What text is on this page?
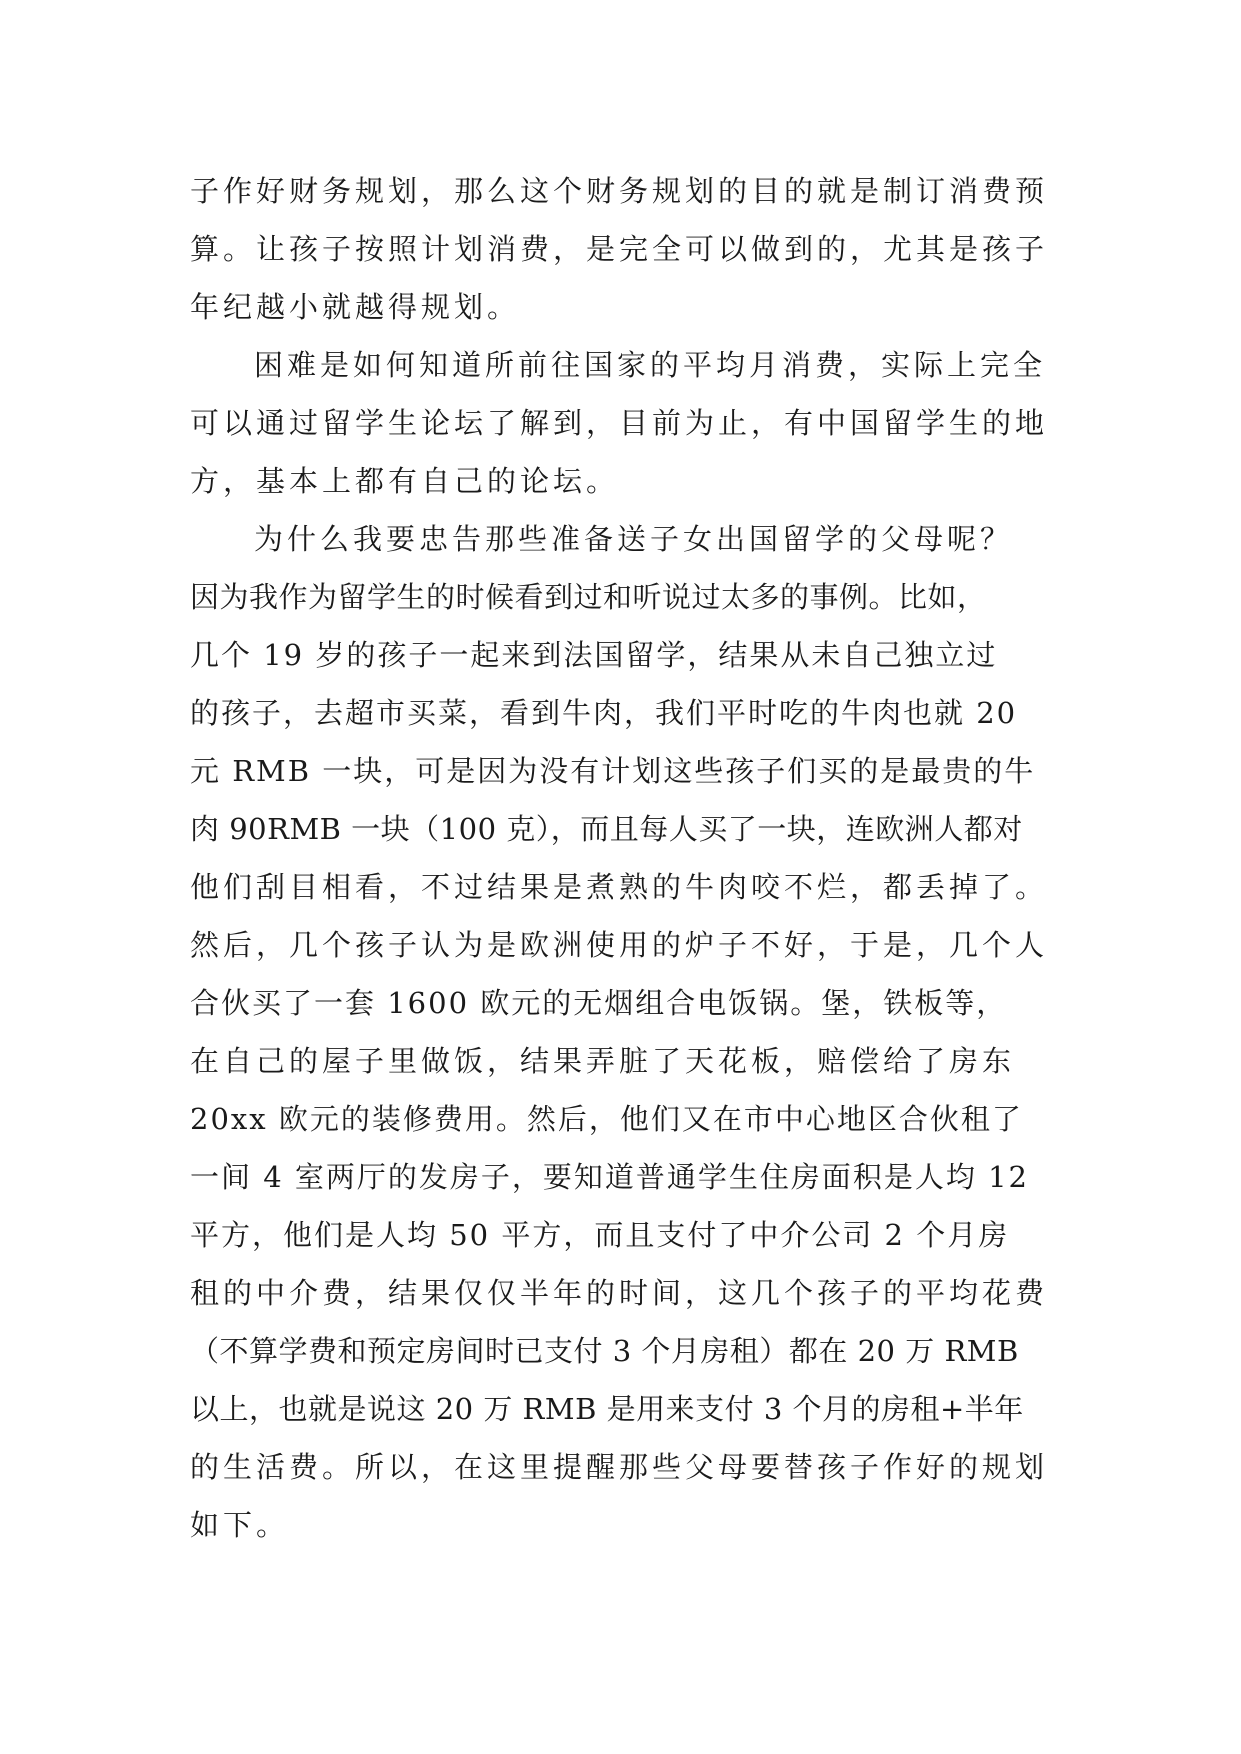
子作好财务规划，那么这个财务规划的目的就是制订消费预
算。让孩子按照计划消费，是完全可以做到的，尤其是孩子
年纪越小就越得规划。
困难是如何知道所前往国家的平均月消费，实际上完全
可以通过留学生论坛了解到，目前为止，有中国留学生的地
方，基本上都有自己的论坛。
为什么我要忠告那些准备送子女出国留学的父母呢？
因为我作为留学生的时候看到过和听说过太多的事例。比如，
几个 19 岁的孩子一起来到法国留学，结果从未自己独立过
的孩子，去超市买菜，看到牛肉，我们平时吃的牛肉也就 20
元 RMB 一块，可是因为没有计划这些孩子们买的是最贵的牛
肉 90RMB 一块（100 克），而且每人买了一块，连欧洲人都对
他们刮目相看，不过结果是煮熟的牛肉咬不烂，都丢掉了。
然后，几个孩子认为是欧洲使用的炉子不好，于是，几个人
合伙买了一套 1600 欧元的无烟组合电饭锅。堡，铁板等，
在自己的屋子里做饭，结果弄脏了天花板，赔偿给了房东
20xx 欧元的装修费用。然后，他们又在市中心地区合伙租了
一间 4 室两厅的发房子，要知道普通学生住房面积是人均 12
平方，他们是人均 50 平方，而且支付了中介公司 2 个月房
租的中介费，结果仅仅半年的时间，这几个孩子的平均花费
（不算学费和预定房间时已支付 3 个月房租）都在 20 万 RMB
以上，也就是说这 20 万 RMB 是用来支付 3 个月的房租+半年
的生活费。所以，在这里提醒那些父母要替孩子作好的规划
如下。
